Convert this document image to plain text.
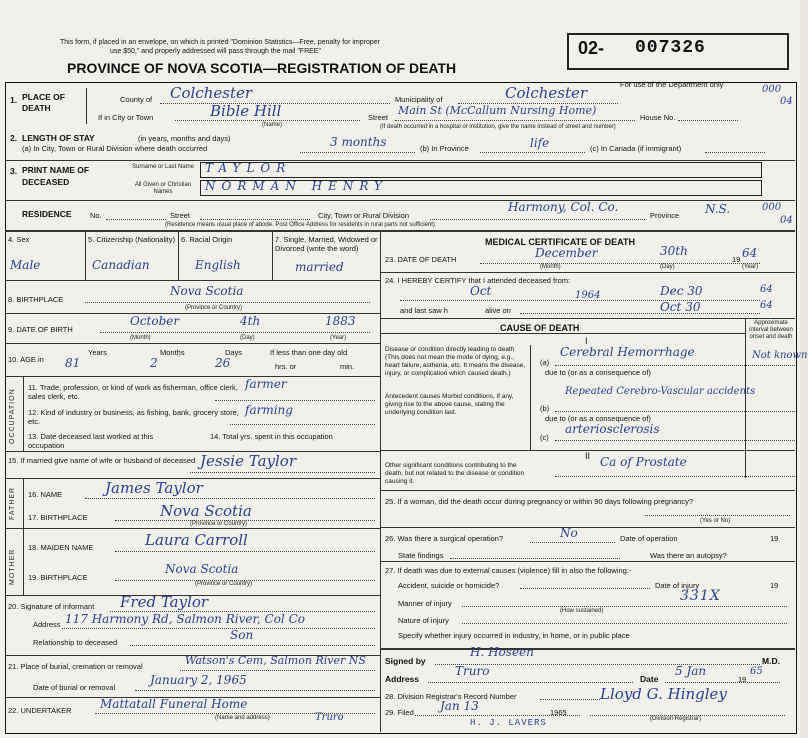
This form, if placed in an envelope, on which is printed "Dominion Statistics—Free, penalty for improper
use $50," and properly addressed will pass through the mail "FREE"
PROVINCE OF NOVA SCOTIA—REGISTRATION OF DEATH
02- 007326
For use of the Department only	000
04
1. PLACE OF DEATH
County of Colchester	Municipality of	Colchester
If in City or Town	Bible Hill
(Name)
Street
Main St (McCallum Nursing Home)
House No.
(If death occurred in a hospital or institution, give the name instead of street and number)
2. LENGTH OF STAY	(in years, months and days)
(a) In City, Town or Rural Division where death occurred	3 months	(b) In Province	life	(c) In Canada (if immigrant)
3. PRINT NAME OF DECEASED
Surname or Last Name TAYLOR
All Given or Christian Names	NORMAN HENRY
RESIDENCE No.	Street	City, Town or Rural Division
Harmony, Col. Co.
Province N.S.	000
04
(Residence means usual place of abode. Post Office Address for residents in rural parts not sufficient)
4. Sex
Male
5. Citizenship (Nationality)
Canadian
6. Racial Origin
English
7. Single, Married, Widowed or Divorced (write the word)
married
8. BIRTHPLACE
Nova Scotia
(Province or Country)
9. DATE OF BIRTH
October	4th	1883
(Month)	(Day)	(Year)
10. AGE in
Years
81
Months
2
Days
26
If less than one day old
hrs. or	min.
OCCUPATION
11. Trade, profession, or kind of work as fisherman, office clerk, sales clerk, etc.
farmer
12. Kind of industry or business, as fishing, bank, grocery store, etc.
farming
13. Date deceased last worked at this occupation
14. Total yrs. spent in this occupation
15. If married give name of wife or husband of deceased Jessie Taylor
FATHER 16. NAME	James Taylor
17. BIRTHPLACE	Nova Scotia
(Province or Country)
MOTHER
18. MAIDEN NAME	Laura Carroll
19. BIRTHPLACE
Nova Scotia
(Province or Country)
20. Signature of informant Fred Taylor
Address 117 Harmony Rd, Salmon River, Col Co
Relationship to deceased
Son
21. Place of burial, cremation or removal	Watson's Cem, Salmon River NS
Date of burial or removal
January 2, 1965
22. UNDERTAKER Mattatall Funeral Home
Truro
(Name and address)
MEDICAL CERTIFICATE OF DEATH
23. DATE OF DEATH	December	30th
19 64
(Month)	(Day)	(Year)
24. I HEREBY CERTIFY that I attended deceased from:
Oct	1964	Dec 30	64
and last saw h	alive on	Oct 30	64
CAUSE OF DEATH	Approximate interval between onset and death
I
Disease or condition directly leading to death (This does not mean the mode of dying, e.g., heart failure, asthenia, etc. It means the disease, injury, or complication which caused death.)
(a)
Cerebral Hemorrhage	Not known
due to (or as a consequence of)
Antecedent causes Morbid conditions, if any, giving rise to the above cause, stating the underlying condition last.	(b)
Repeated Cerebro-Vascular accidents
due to (or as a consequence of)
(c)
arteriosclerosis
II
Other significant conditions contributing to the death, but not related to the disease or condition causing it.
Ca of Prostate
25. If a woman, did the death occur during pregnancy or within 90 days following pregnancy?
(Yes or No)
26. Was there a surgical operation?	No	Date of operation	19
State findings	Was there an autopsy?
27. If death was due to external causes (violence) fill in also the following:-
Accident, suicide or homicide?	Date of injury	19
Manner of injury	331X
(How sustained)
Nature of injury
Specify whether injury occurred in industry, in home, or in public place
Signed by
H. Hoseen
M.D.
Address
Truro
Date
5 Jan
19
65
28. Division Registrar's Record Number
29. Filed Jan 13	1965
Lloyd G. Hingley
(Division Registrar)
H. J. LAVERS
